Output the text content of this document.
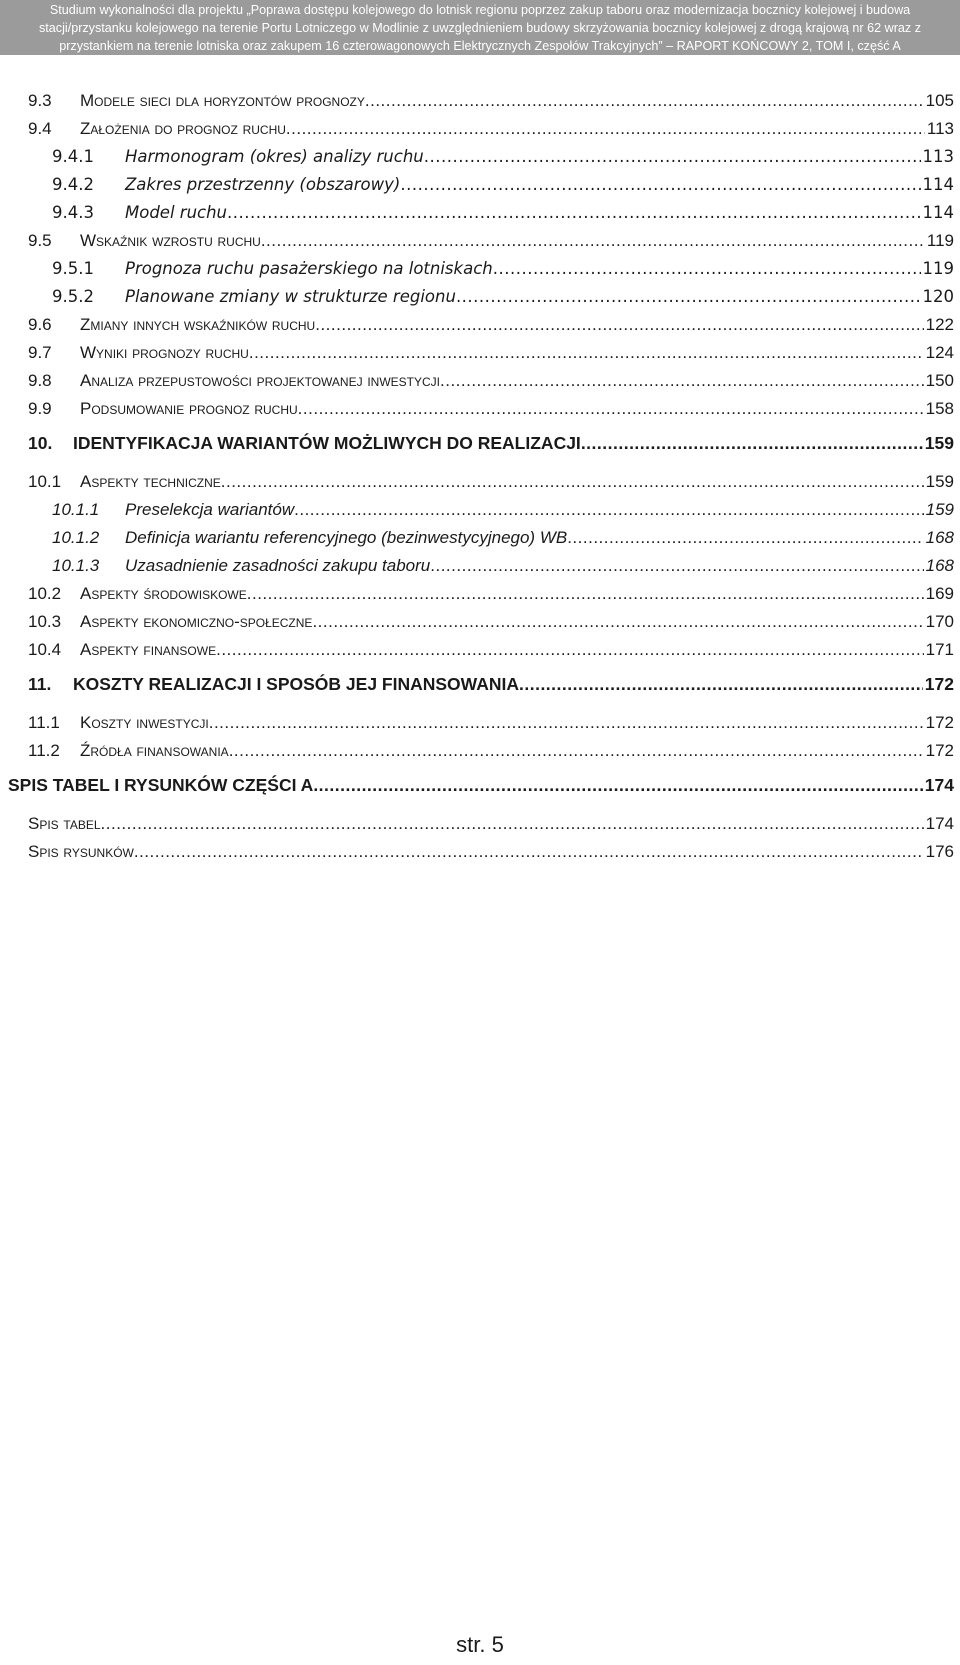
Studium wykonalności dla projektu „Poprawa dostępu kolejowego do lotnisk regionu poprzez zakup taboru oraz modernizacja bocznicy kolejowej i budowa
stacji/przystanku kolejowego na terenie Portu Lotniczego w Modlinie z uwzględnieniem budowy skrzyżowania bocznicy kolejowej z drogą krajową nr 62 wraz z
przystankiem na terenie lotniska oraz zakupem 16 czterowagonowych Elektrycznych Zespołów Trakcyjnych” – RAPORT KOŃCOWY 2, TOM I, część A
9.3	Modele sieci dla horyzontów prognozy .....	105
9.4	Założenia do prognoz ruchu .....	113
9.4.1	Harmonogram (okres) analizy ruchu .....	113
9.4.2	Zakres przestrzenny (obszarowy) .....	114
9.4.3	Model ruchu .....	114
9.5	Wskaźnik wzrostu ruchu .....	119
9.5.1	Prognoza ruchu pasażerskiego na lotniskach .....	119
9.5.2	Planowane zmiany w strukturze regionu .....	120
9.6	Zmiany innych wskaźników ruchu .....	122
9.7	Wyniki prognozy ruchu .....	124
9.8	Analiza przepustowości projektowanej inwestycji .....	150
9.9	Podsumowanie prognoz ruchu .....	158
10.	IDENTYFIKACJA WARIANTÓW MOŻLIWYCH DO REALIZACJI .....	159
10.1	Aspekty techniczne .....	159
10.1.1	Preselekcja wariantów .....	159
10.1.2	Definicja wariantu referencyjnego (bezinwestycyjnego) WB .....	168
10.1.3	Uzasadnienie zasadności zakupu taboru .....	168
10.2	Aspekty środowiskowe .....	169
10.3	Aspekty ekonomiczno-społeczne .....	170
10.4	Aspekty finansowe .....	171
11.	KOSZTY REALIZACJI I SPOSÓB JEJ FINANSOWANIA .....	172
11.1	Koszty inwestycji .....	172
11.2	Źródła finansowania .....	172
SPIS TABEL I RYSUNKÓW CZĘŚCI A .....	174
Spis tabel .....	174
Spis rysunków .....	176
str. 5
